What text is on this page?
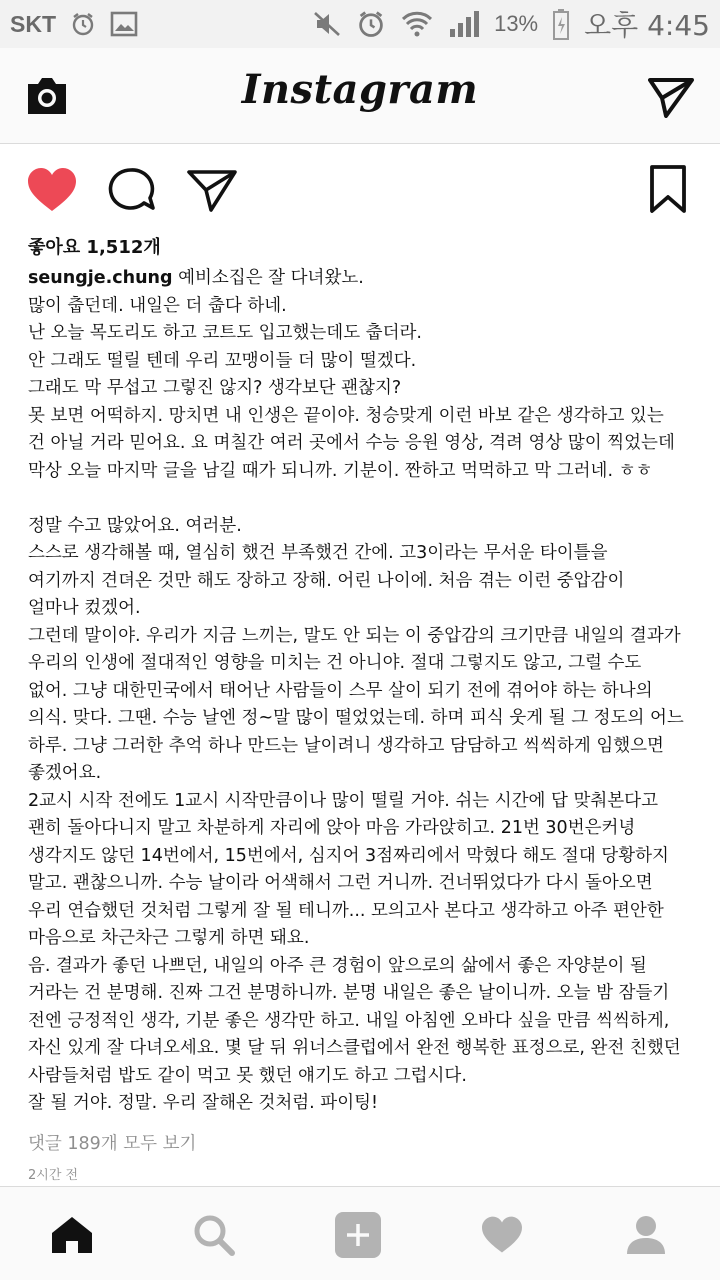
SKT	13% 오후 4:45
Instagram
좋아요 1,512개
seungje.chung 예비소집은 잘 다녀왔노.
많이 춥던데. 내일은 더 춥다 하네.
난 오늘 목도리도 하고 코트도 입고했는데도 춥더라.
안 그래도 떨릴 텐데 우리 꼬맹이들 더 많이 떨겠다.
그래도 막 무섭고 그렇진 않지? 생각보단 괜찮지?
못 보면 어떡하지. 망치면 내 인생은 끝이야. 청승맞게 이런 바보 같은 생각하고 있는
건 아닐 거라 믿어요. 요 며칠간 여러 곳에서 수능 응원 영상, 격려 영상 많이 찍었는데
막상 오늘 마지막 글을 남길 때가 되니까. 기분이. 짠하고 먹먹하고 막 그러네. ㅎㅎ
정말 수고 많았어요. 여러분.
스스로 생각해볼 때, 열심히 했건 부족했건 간에. 고3이라는 무서운 타이틀을
여기까지 견뎌온 것만 해도 장하고 장해. 어린 나이에. 처음 겪는 이런 중압감이
얼마나 컸겠어.
그런데 말이야. 우리가 지금 느끼는, 말도 안 되는 이 중압감의 크기만큼 내일의 결과가
우리의 인생에 절대적인 영향을 미치는 건 아니야. 절대 그렇지도 않고, 그럴 수도
없어. 그냥 대한민국에서 태어난 사람들이 스무 살이 되기 전에 겪어야 하는 하나의
의식. 맞다. 그땐. 수능 날엔 정~말 많이 떨었었는데. 하며 피식 웃게 될 그 정도의 어느
하루. 그냥 그러한 추억 하나 만드는 날이려니 생각하고 담담하고 씩씩하게 임했으면
좋겠어요.
2교시 시작 전에도 1교시 시작만큼이나 많이 떨릴 거야. 쉬는 시간에 답 맞춰본다고
괜히 돌아다니지 말고 차분하게 자리에 앉아 마음 가라앉히고. 21번 30번은커녕
생각지도 않던 14번에서, 15번에서, 심지어 3점짜리에서 막혔다 해도 절대 당황하지
말고. 괜찮으니까. 수능 날이라 어색해서 그런 거니까. 건너뛰었다가 다시 돌아오면
우리 연습했던 것처럼 그렇게 잘 될 테니까... 모의고사 본다고 생각하고 아주 편안한
마음으로 차근차근 그렇게 하면 돼요.
음. 결과가 좋던 나쁘던, 내일의 아주 큰 경험이 앞으로의 삶에서 좋은 자양분이 될
거라는 건 분명해. 진짜 그건 분명하니까. 분명 내일은 좋은 날이니까. 오늘 밤 잠들기
전엔 긍정적인 생각, 기분 좋은 생각만 하고. 내일 아침엔 오바다 싶을 만큼 씩씩하게,
자신 있게 잘 다녀오세요. 몇 달 뒤 위너스클럽에서 완전 행복한 표정으로, 완전 친했던
사람들처럼 밥도 같이 먹고 못 했던 얘기도 하고 그럽시다.
잘 될 거야. 정말. 우리 잘해온 것처럼. 파이팅!
댓글 189개 모두 보기
2시간 전
